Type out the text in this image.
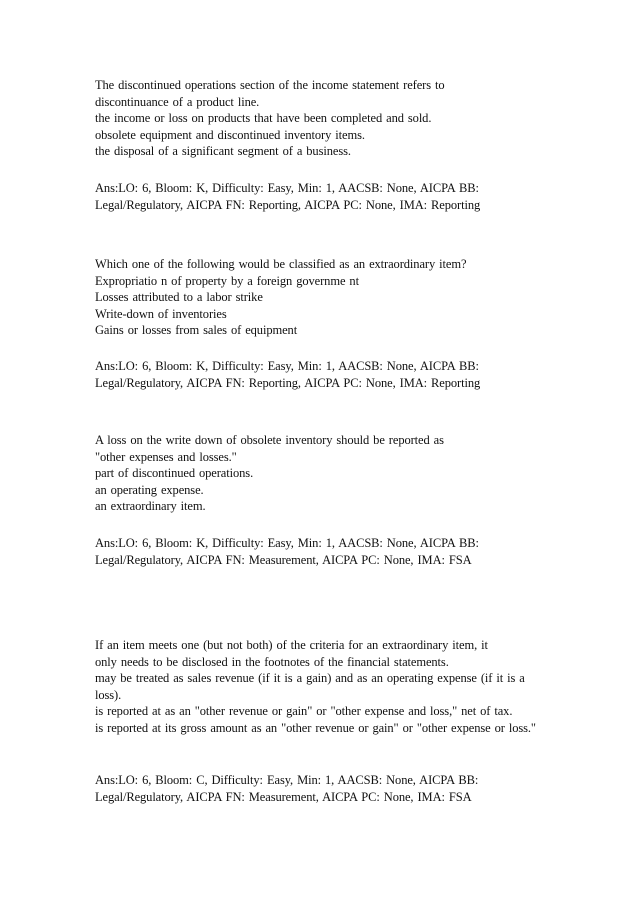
The discontinued operations section of the income statement refers to
discontinuance of a product line.
the income or loss on products that have been completed and sold.
obsolete equipment and discontinued inventory items.
the disposal of a significant segment of a business.
Ans:LO: 6, Bloom: K, Difficulty: Easy, Min: 1, AACSB: None, AICPA BB:
Legal/Regulatory, AICPA FN: Reporting, AICPA PC: None, IMA: Reporting
Which one of the following would be classified as an extraordinary item?
Expropriatio n of property by a foreign governme nt
Losses attributed to a labor strike
Write-down of inventories
Gains or losses from sales of equipment
Ans:LO: 6, Bloom: K, Difficulty: Easy, Min: 1, AACSB: None, AICPA BB:
Legal/Regulatory, AICPA FN: Reporting, AICPA PC: None, IMA: Reporting
A loss on the write down of obsolete inventory should be reported as
"other expenses and losses."
part of discontinued operations.
an operating expense.
an extraordinary item.
Ans:LO: 6, Bloom: K, Difficulty: Easy, Min: 1, AACSB: None, AICPA BB:
Legal/Regulatory, AICPA FN: Measurement, AICPA PC: None, IMA: FSA
If an item meets one (but not both) of the criteria for an extraordinary item, it
only needs to be disclosed in the footnotes of the financial statements.
may be treated as sales revenue (if it is a gain) and as an operating expense (if it is a loss).
is reported at as an "other revenue or gain" or "other expense and loss," net of tax.
is reported at its gross amount as an "other revenue or gain" or "other expense or loss."
Ans:LO: 6, Bloom: C, Difficulty: Easy, Min: 1, AACSB: None, AICPA BB:
Legal/Regulatory, AICPA FN: Measurement, AICPA PC: None, IMA: FSA
